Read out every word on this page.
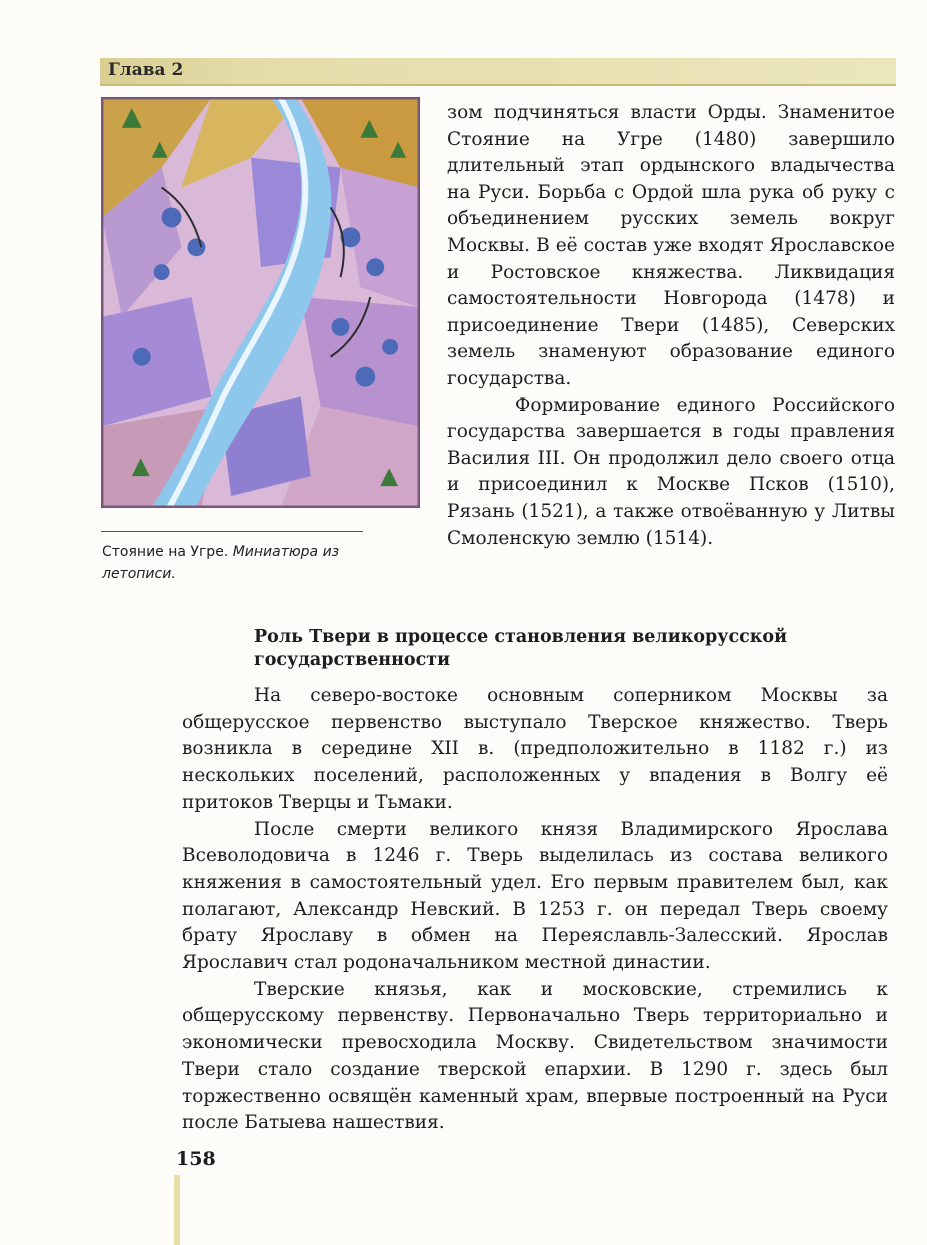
Глава 2
Стояние на Угре. Миниатюра из летописи.

зом подчиняться власти Орды. Знаменитое Стояние на Угре (1480) завершило длительный этап ордынского владычества на Руси. Борьба с Ордой шла рука об руку с объединением русских земель вокруг Москвы. В её состав уже входят Ярославское и Ростовское княжества. Ликвидация самостоятельности Новгорода (1478) и присоединение Твери (1485), Северских земель знаменуют образование единого государства.

Формирование единого Российского государства завершается в годы правления Василия III. Он продолжил дело своего отца и присоединил к Москве Псков (1510), Рязань (1521), а также отвоёванную у Литвы Смоленскую землю (1514).

Роль Твери в процессе становления великорусской государственности

На северо-востоке основным соперником Москвы за общерусское первенство выступало Тверское княжество. Тверь возникла в середине XII в. (предположительно в 1182 г.) из нескольких поселений, расположенных у впадения в Волгу её притоков Тверцы и Тьмаки.

После смерти великого князя Владимирского Ярослава Всеволодовича в 1246 г. Тверь выделилась из состава великого княжения в самостоятельный удел. Его первым правителем был, как полагают, Александр Невский. В 1253 г. он передал Тверь своему брату Ярославу в обмен на Переяславль-Залесский. Ярослав Ярославич стал родоначальником местной династии.

Тверские князья, как и московские, стремились к общерусскому первенству. Первоначально Тверь территориально и экономически превосходила Москву. Свидетельством значимости Твери стало создание тверской епархии. В 1290 г. здесь был торжественно освящён каменный храм, впервые построенный на Руси после Батыева нашествия.

158
